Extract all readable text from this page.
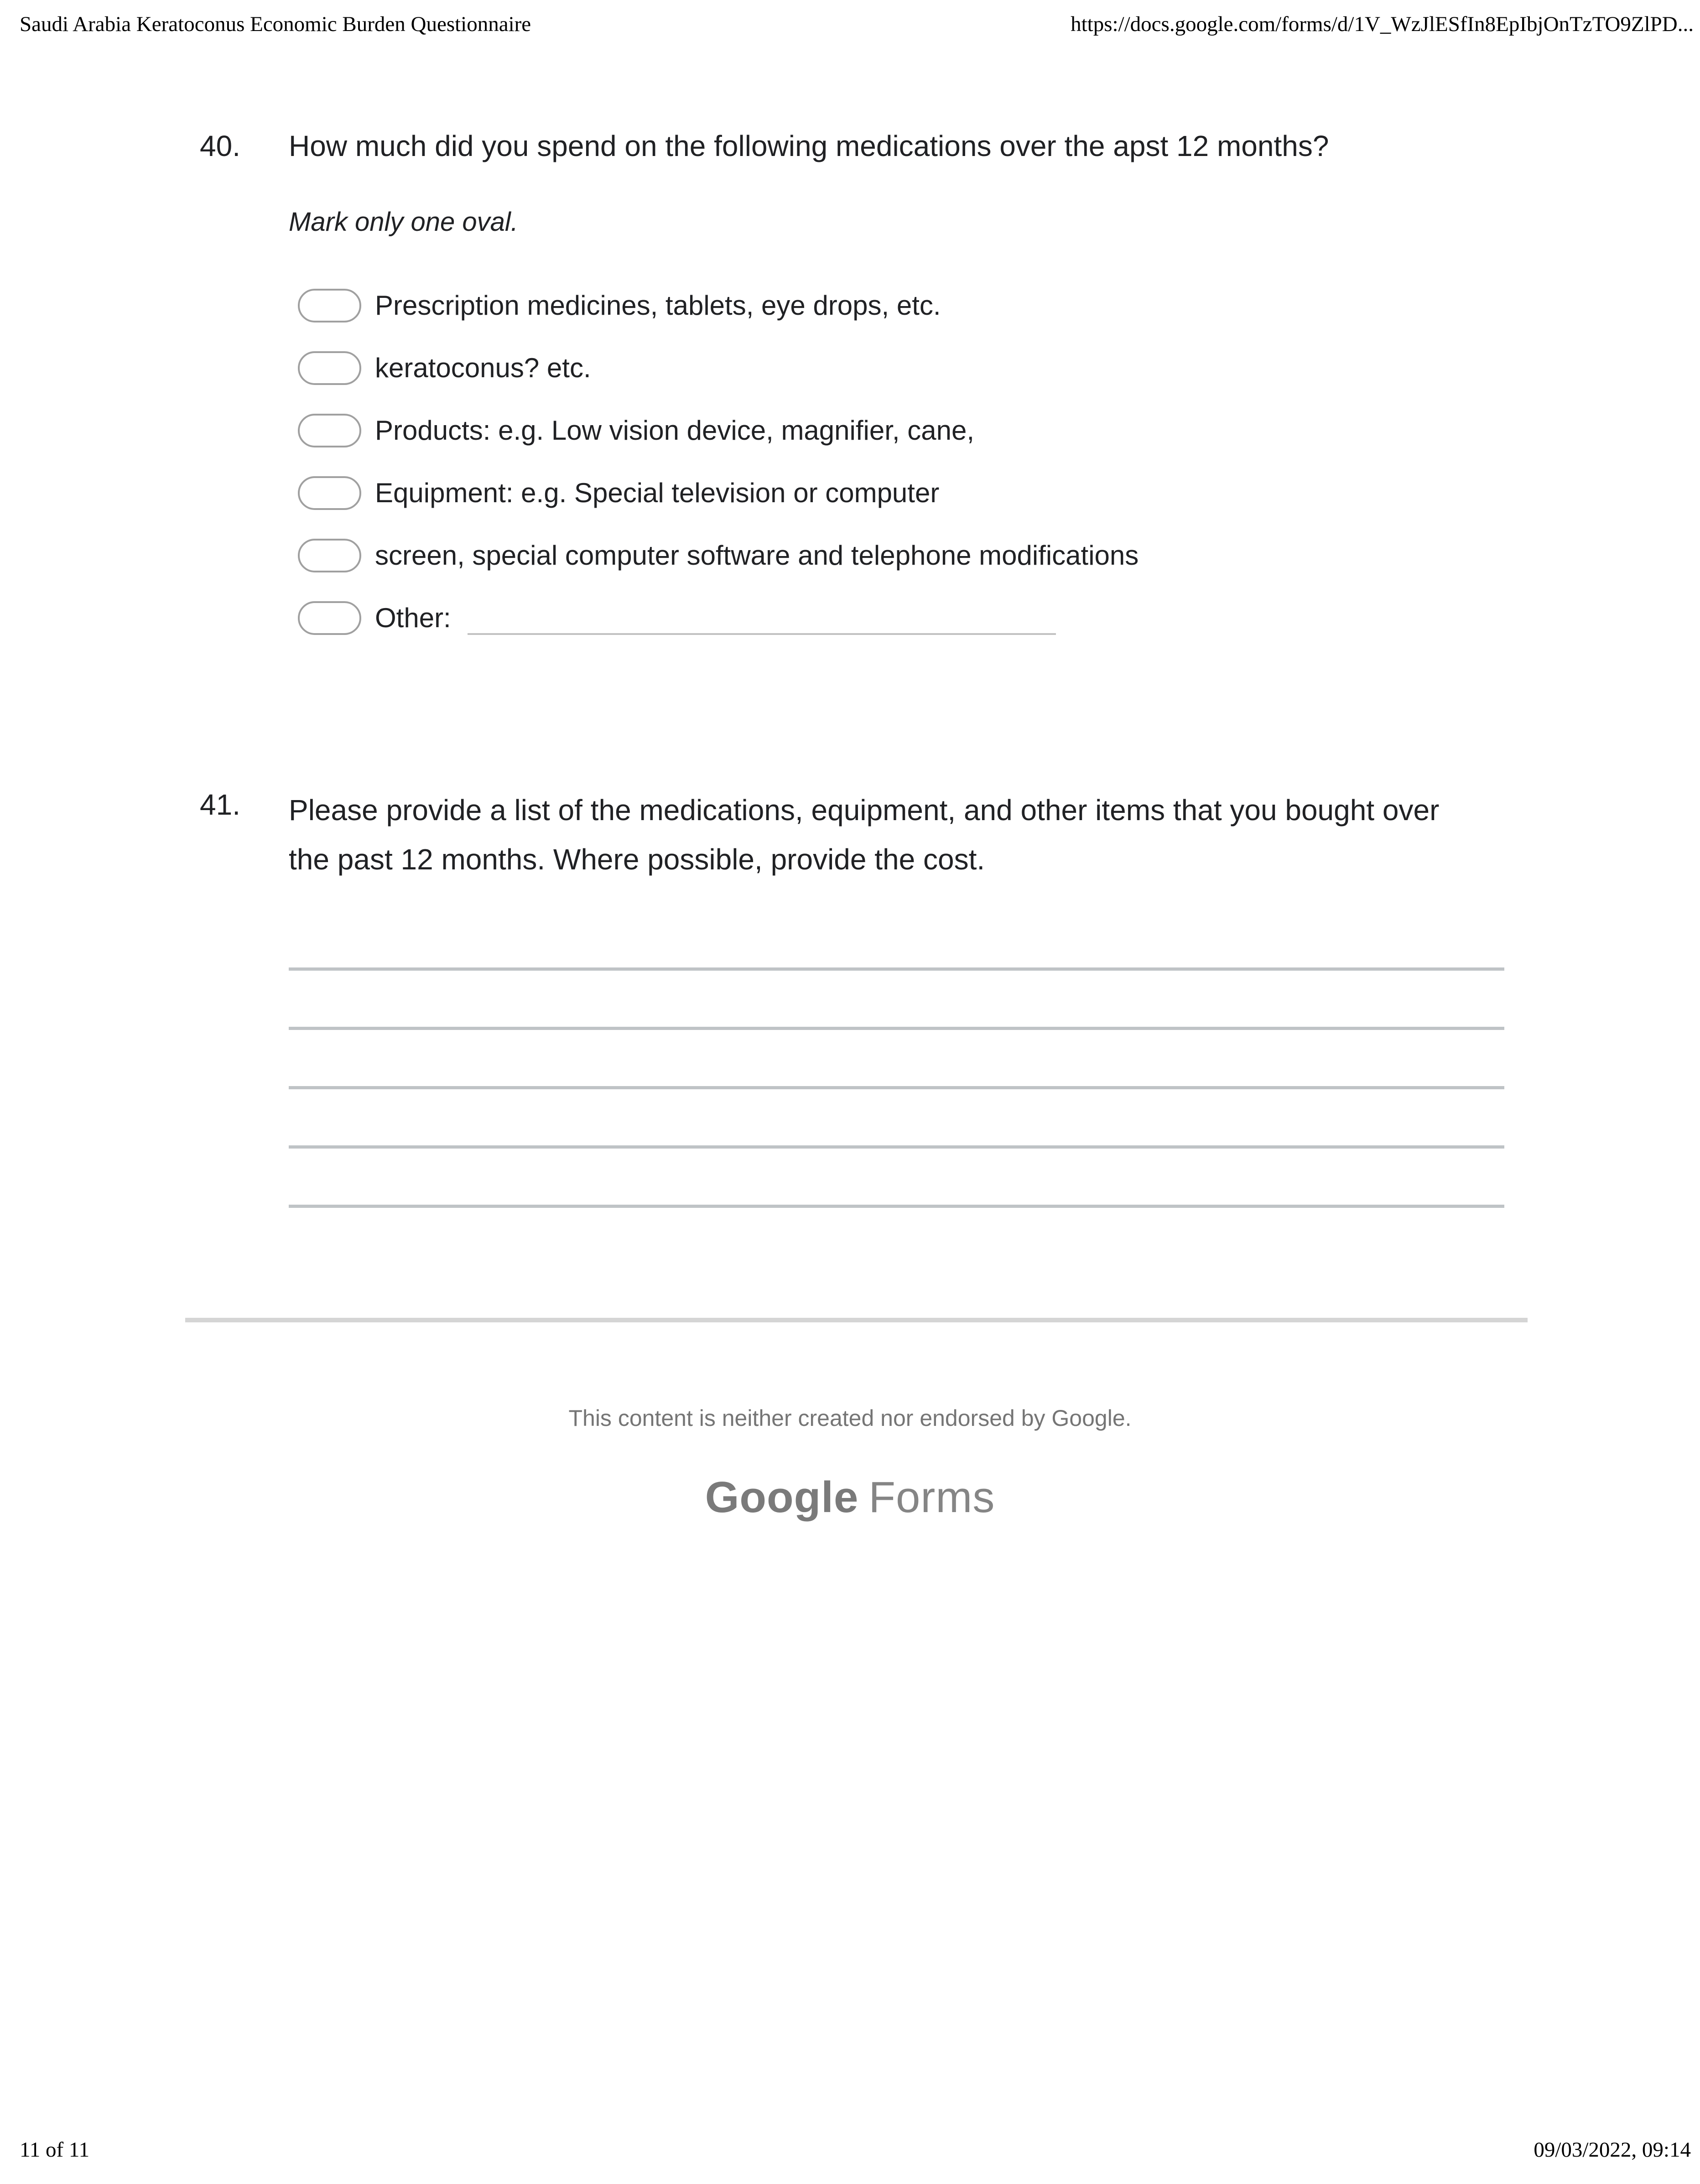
Saudi Arabia Keratoconus Economic Burden Questionnaire	https://docs.google.com/forms/d/1V_WzJlESfIn8EpIbjOnTzTO9ZlPD...
40.	How much did you spend on the following medications over the apst 12 months?
Mark only one oval.
Prescription medicines, tablets, eye drops, etc.
keratoconus? etc.
Products: e.g. Low vision device, magnifier, cane,
Equipment: e.g. Special television or computer
screen, special computer software and telephone modifications
Other:
41.	Please provide a list of the medications, equipment, and other items that you bought over the past 12 months. Where possible, provide the cost.
This content is neither created nor endorsed by Google.
Google Forms
11 of 11	09/03/2022, 09:14
